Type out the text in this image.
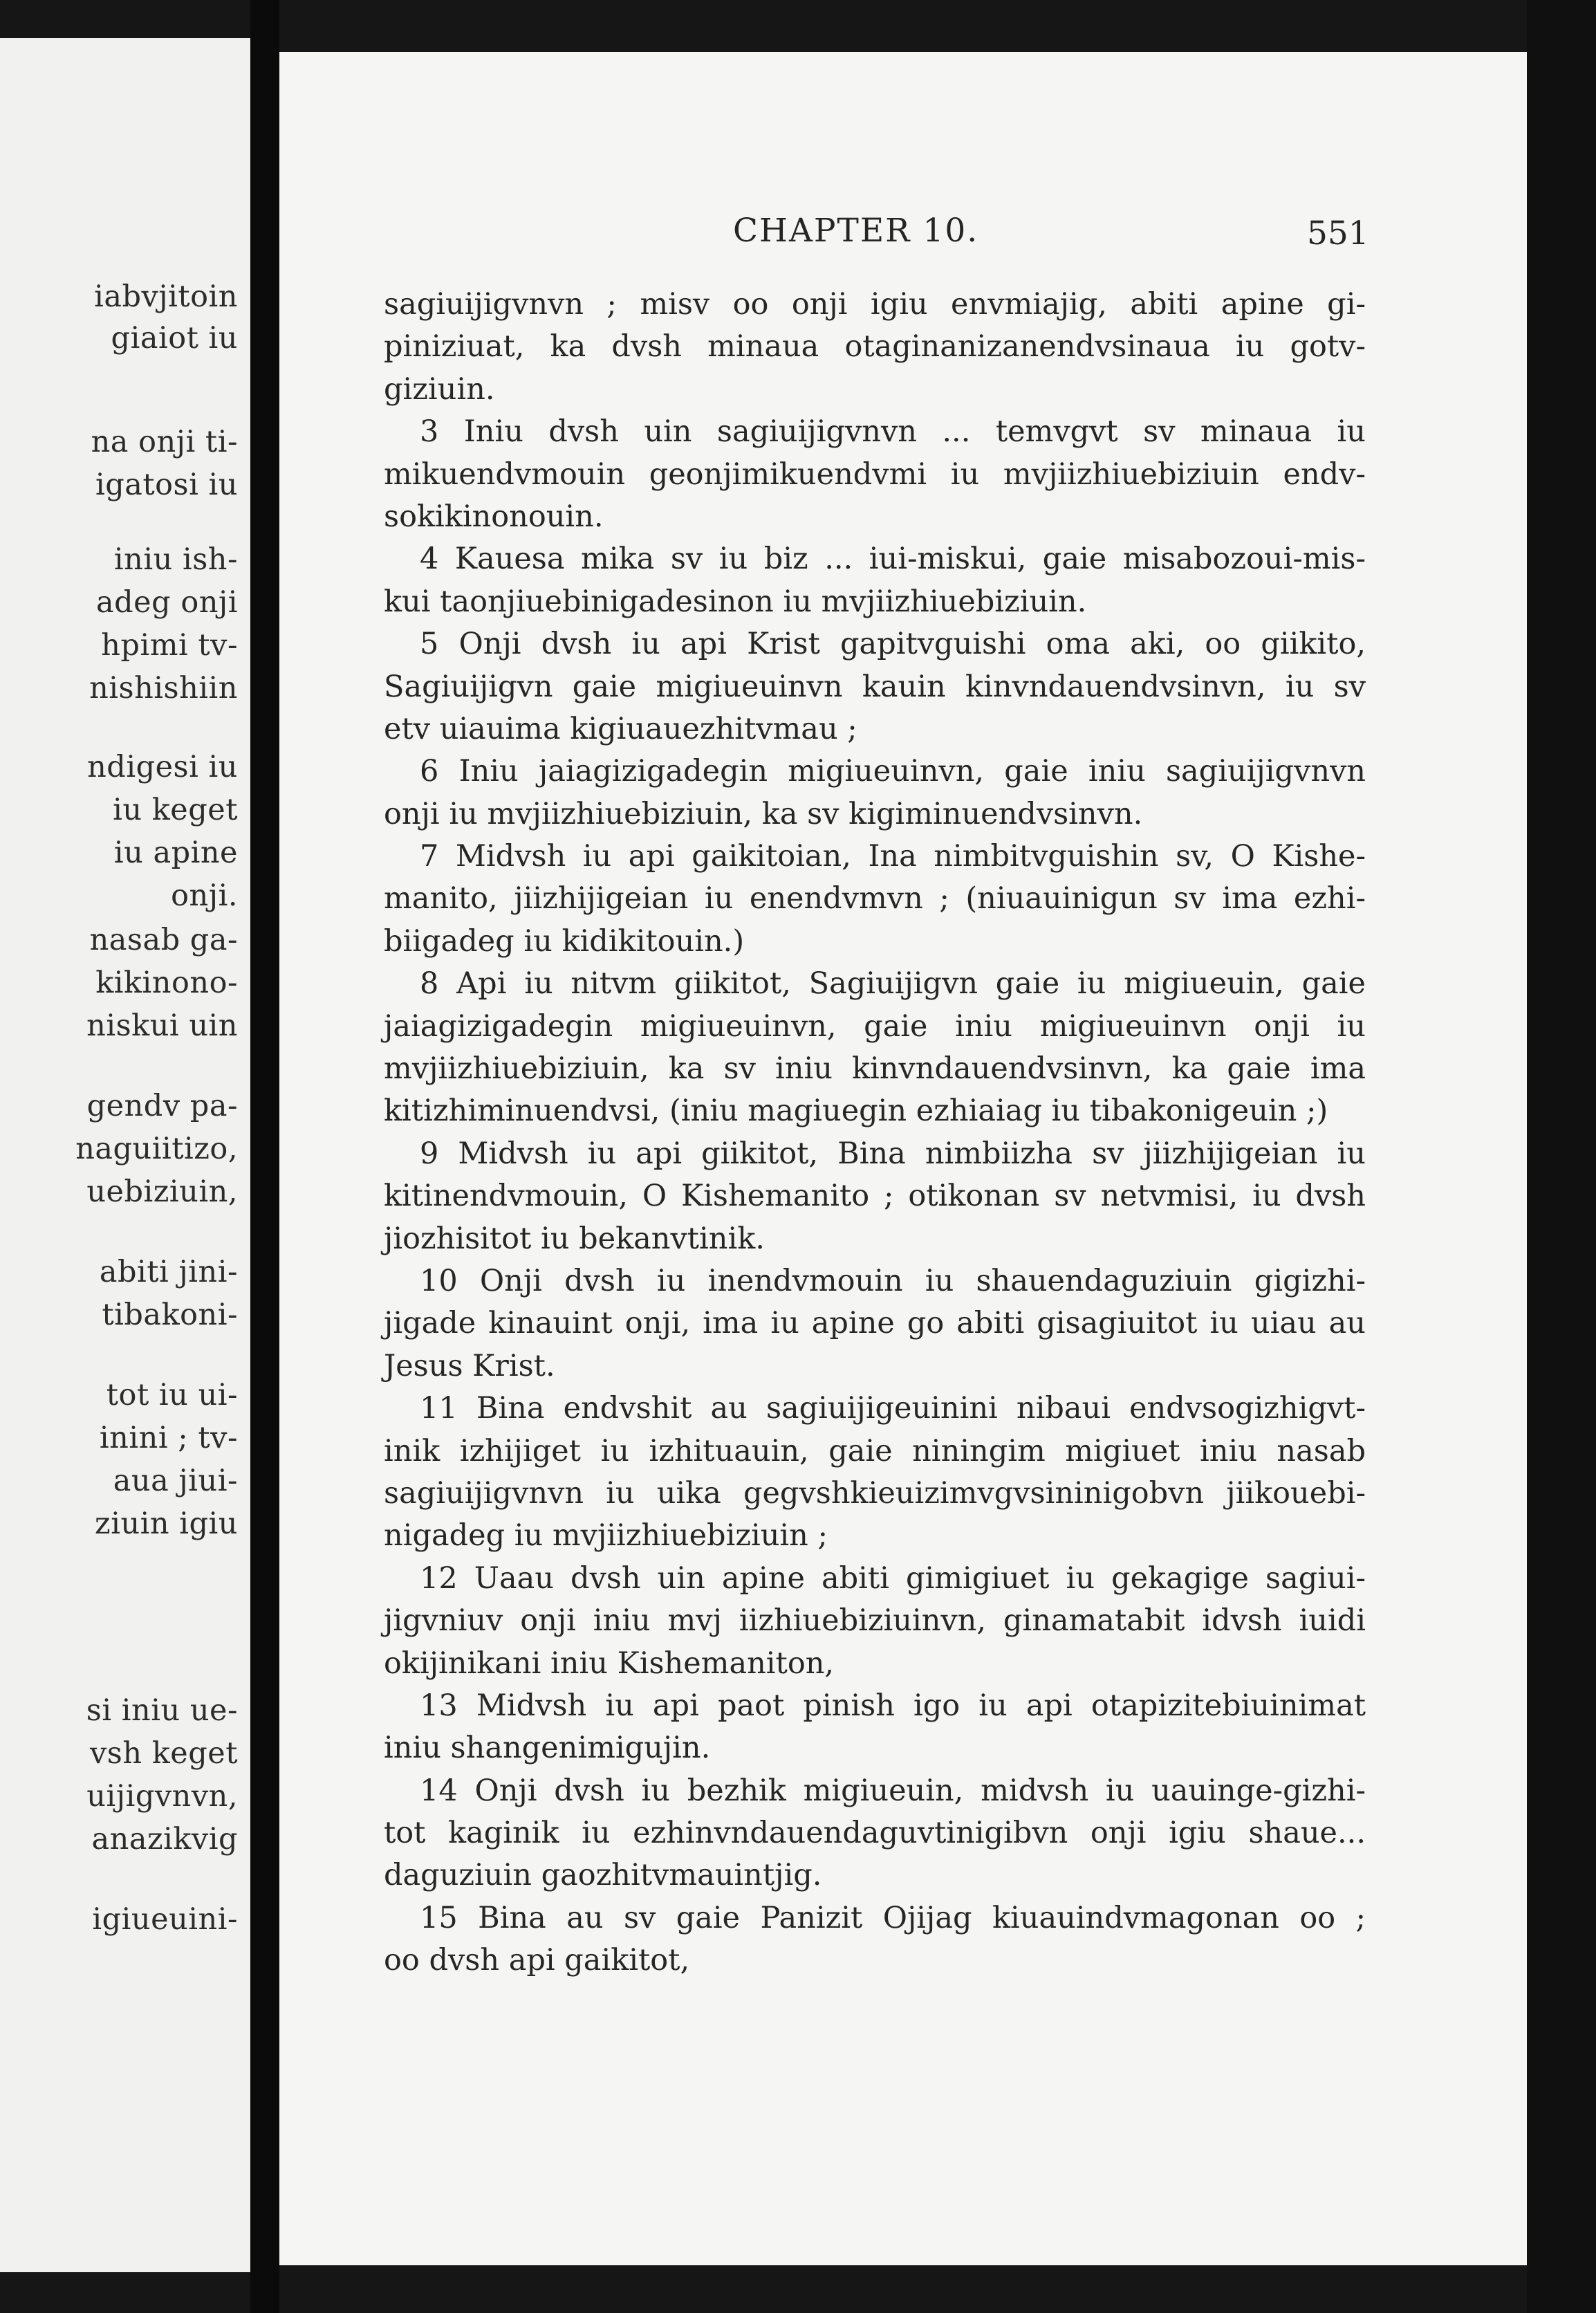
iabvjitoin
giaiot iu
na onji ti-
igatosi iu
iniu ish-
adeg onji
hpimi tv-
nishishiin
ndigesi iu
iu keget
iu apine
onji.
nasab ga-
kikinono-
niskui uin
gendv pa-
naguiitizo,
uebiziuin,
abiti jini-
tibakoni-
tot iu ui-
inini ; tv-
aua jiui-
ziuin igiu
si iniu ue-
vsh keget
uijigvnvn,
anazikvig
igiueuini-
CHAPTER 10.	551
sagiuijigvnvn ; misv oo onji igiu envmiajig, abiti apine gi-
piniziuat, ka dvsh minaua otaginanizanendvsinaua iu gotv-
giziuin.
3 Iniu dvsh uin sagiuijigvnvn ... temvgvt sv minaua iu
mikuendvmouin geonjimikuendvmi iu mvjiizhiuebiziuin endv-
sokikinonouin.
4 Kauesa mika sv iu biz ... iui-miskui, gaie misabozoui-mis-
kui taonjiuebinigadesinon iu mvjiizhiuebiziuin.
5 Onji dvsh iu api Krist gapitvguishi oma aki, oo giikito,
Sagiuijigvn gaie migiueuinvn kauin kinvndauendvsinvn, iu sv
etv uiauima kigiuauezhitvmau ;
6 Iniu jaiagizigadegin migiueuinvn, gaie iniu sagiuijigvnvn
onji iu mvjiizhiuebiziuin, ka sv kigiminuendvsinvn.
7 Midvsh iu api gaikitoian, Ina nimbitvguishin sv, O Kishe-
manito, jiizhijigeian iu enendvmvn ; (niuauinigun sv ima ezhi-
biigadeg iu kidikitouin.)
8 Api iu nitvm giikitot, Sagiuijigvn gaie iu migiueuin, gaie
jaiagizigadegin migiueuinvn, gaie iniu migiueuinvn onji iu
mvjiizhiuebiziuin, ka sv iniu kinvndauendvsinvn, ka gaie ima
kitizhiminuendvsi, (iniu magiuegin ezhiaiag iu tibakonigeuin ;)
9 Midvsh iu api giikitot, Bina nimbiizha sv jiizhijigeian iu
kitinendvmouin, O Kishemanito ; otikonan sv netvmisi, iu dvsh
jiozhisitot iu bekanvtinik.
10 Onji dvsh iu inendvmouin iu shauendaguziuin gigizhi-
jigade kinauint onji, ima iu apine go abiti gisagiuitot iu uiau au
Jesus Krist.
11 Bina endvshit au sagiuijigeuinini nibaui endvsogizhigvt-
inik izhijiget iu izhituauin, gaie niningim migiuet iniu nasab
sagiuijigvnvn iu uika gegvshkieuizimvgvsininigobvn jiikouebi-
nigadeg iu mvjiizhiuebiziuin ;
12 Uaau dvsh uin apine abiti gimigiuet iu gekagige sagiui-
jigvniuv onji iniu mvj iizhiuebiziuinvn, ginamatabit idvsh iuidi
okijinikani iniu Kishemaniton,
13 Midvsh iu api paot pinish igo iu api otapizitebiuinimat
iniu shangenimigujin.
14 Onji dvsh iu bezhik migiueuin, midvsh iu uauinge-gizhi-
tot kaginik iu ezhinvndauendaguvtinigibvn onji igiu shaue...
daguziuin gaozhitvmauintjig.
15 Bina au sv gaie Panizit Ojijag kiuauindvmagonan oo ;
oo dvsh api gaikitot,
